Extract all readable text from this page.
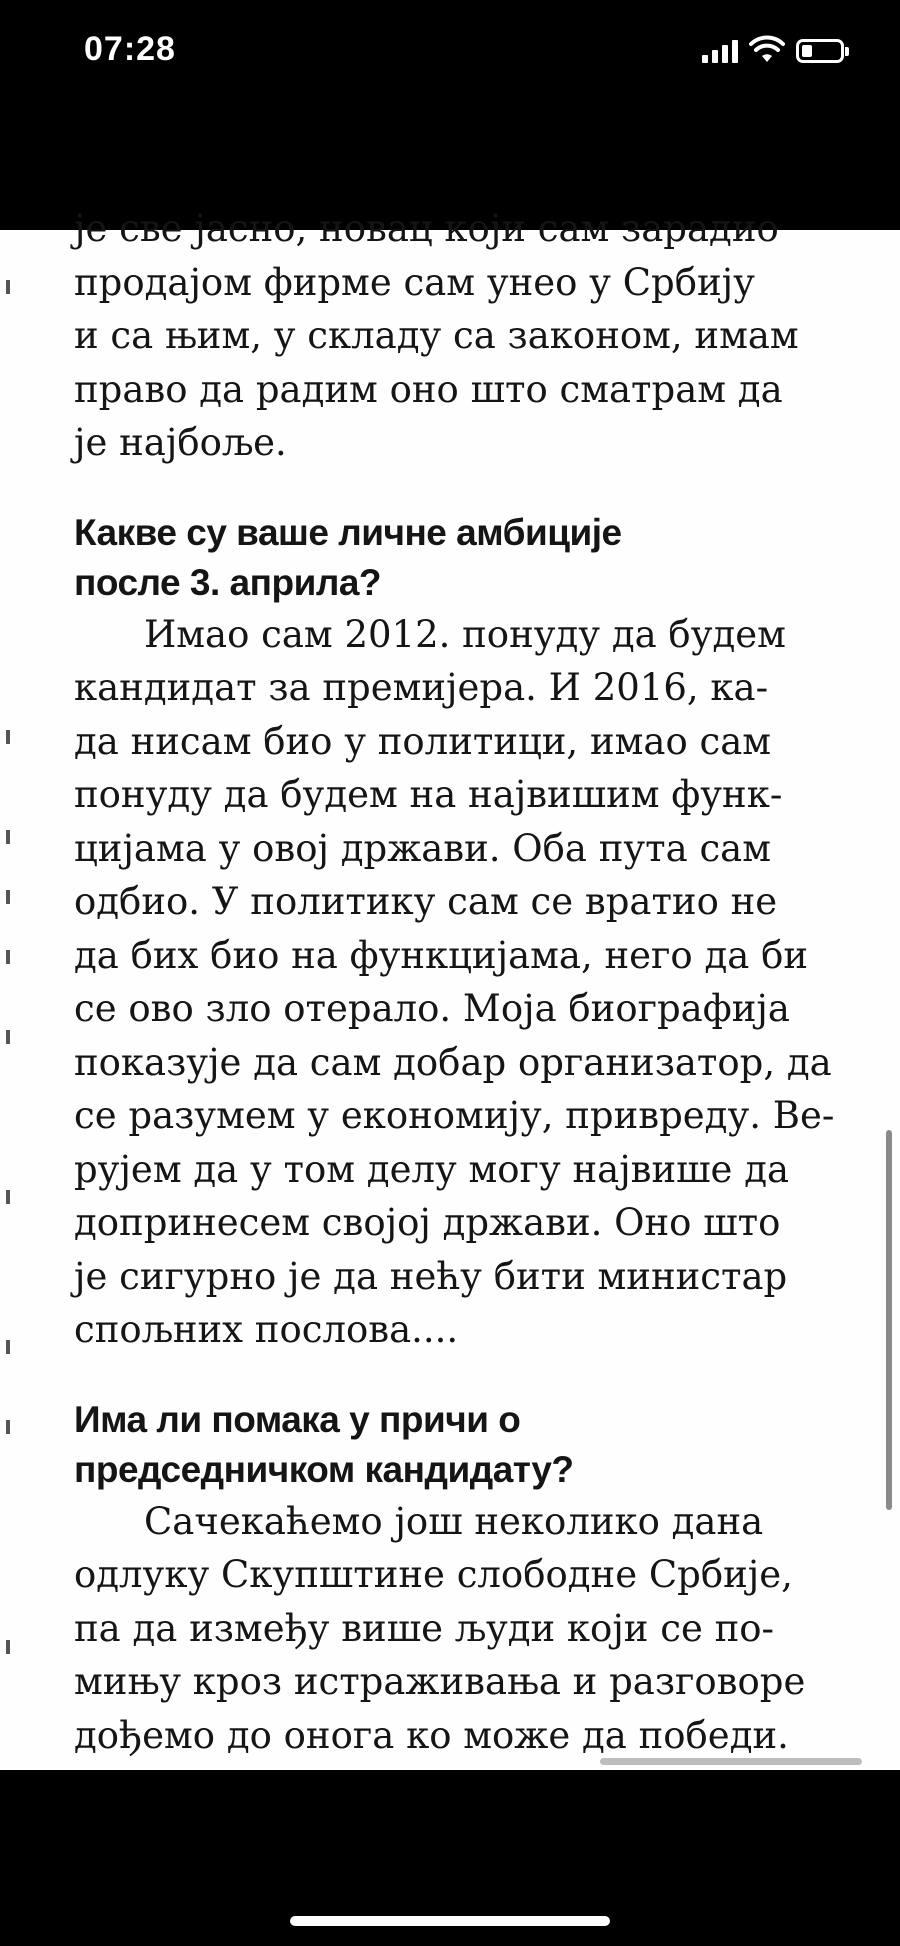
07:28

је све јасно, новац који сам зарадио
продајом фирме сам унео у Србију
и са њим, у складу са законом, имам
право да радим оно што сматрам да
је најбоље.

Какве су ваше личне амбиције
после 3. априла?

Имао сам 2012. понуду да будем
кандидат за премијера. И 2016, ка-
да нисам био у политици, имао сам
понуду да будем на највишим функ-
цијама у овој држави. Оба пута сам
одбио. У политику сам се вратио не
да бих био на функцијама, него да би
се ово зло отерало. Моја биографија
показује да сам добар организатор, да
се разумем у економију, привреду. Ве-
рујем да у том делу могу највише да
допринесем својој држави. Оно што
је сигурно је да нећу бити министар
спољних послова....

Има ли помака у причи о
председничком кандидату?

Сачекаћемо још неколико дана
одлуку Скупштине слободне Србије,
па да између више људи који се по-
мињу кроз истраживања и разговоре
дођемо до онога ко може да победи.
